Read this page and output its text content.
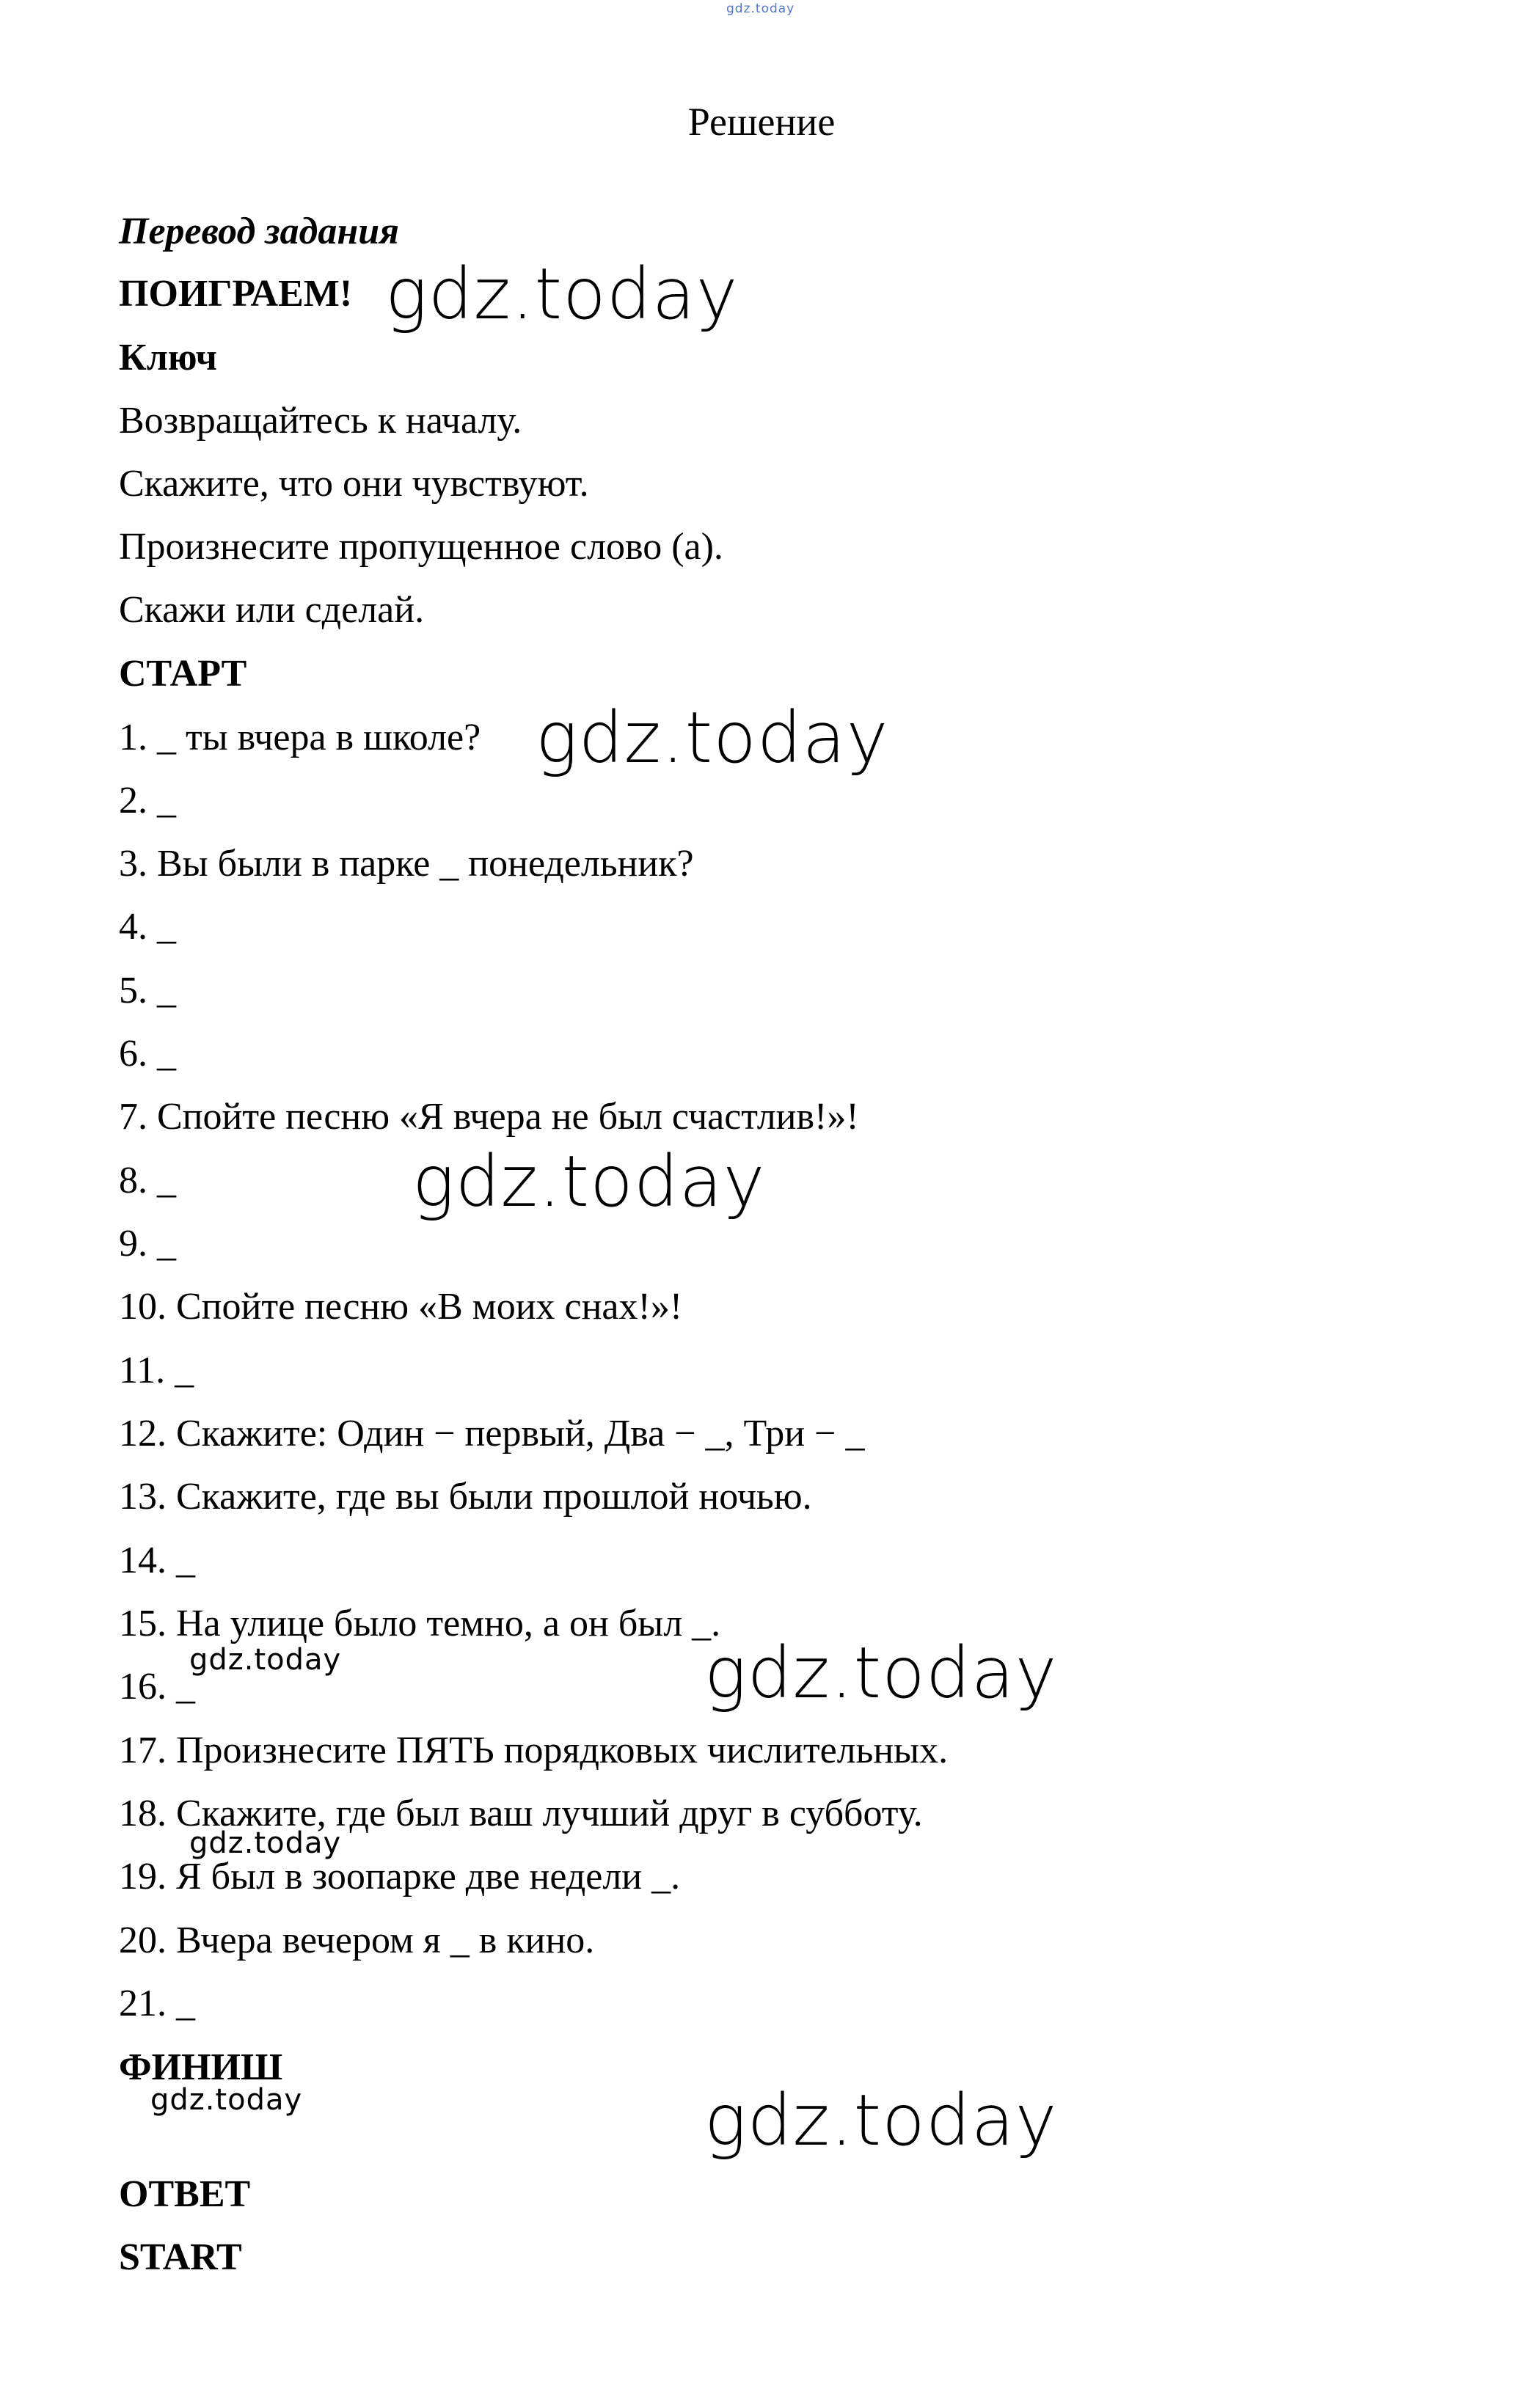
gdz.today
Решение
Перевод задания
ПОИГРАЕМ!
Ключ
Возвращайтесь к началу.
Скажите, что они чувствуют.
Произнесите пропущенное слово (а).
Скажи или сделай.
СТАРТ
1. _ ты вчера в школе?
2. _
3. Вы были в парке _ понедельник?
4. _
5. _
6. _
7. Спойте песню «Я вчера не был счастлив!»!
8. _
9. _
10. Спойте песню «В моих снах!»!
11. _
12. Скажите: Один − первый, Два − _, Три − _
13. Скажите, где вы были прошлой ночью.
14. _
15. На улице было темно, а он был _.
16. _
17. Произнесите ПЯТЬ порядковых числительных.
18. Скажите, где был ваш лучший друг в субботу.
19. Я был в зоопарке две недели _.
20. Вчера вечером я _ в кино.
21. _
ФИНИШ
ОТВЕТ
START
gdz.today
gdz.today
gdz.today
gdz.today
gdz.today
gdz.today
gdz.today
gdz.today
